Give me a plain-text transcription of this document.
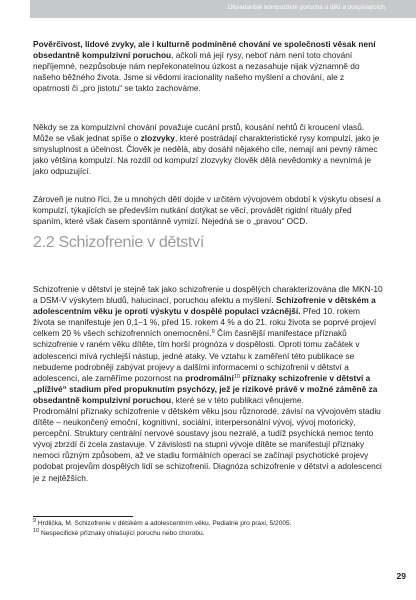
Obsedantně kompulzivní porucha u dětí a dospívajících

Pověrčivost, lidové zvyky, ale i kulturně podmíněné chování ve společnosti věsak není obsedantně kompulzivní poruchou, ačkoli má její rysy, neboť nám není toto chování nepříjemné, nezpůsobuje nám nepřekonatelnou úzkost a nezasahuje nijak významně do našeho běžného života. Jsme si vědomi iracionality našeho myšlení a chování, ale z opatrnosti či „pro jistotu“ se takto zachováme.

Někdy se za kompulzivní chování považuje cucání prstů, kousání nehtů či kroucení vlasů. Může se však jednat spíše o zlozvyky, které postrádají charakteristické rysy kompulzí, jako je smysluplnost a účelnost. Člověk je nedělá, aby dosáhl nějakého cíle, nemají ani pevný rámec jako většina kompulzí. Na rozdíl od kompulzí zlozvyky člověk dělá nevědomky a nevnímá je jako odpuzující.

Zároveň je nutno říci, že u mnohých dětí dojde v určitém vývojovém období k výskytu obsesí a kompulzí, týkajících se především nutkání dotýkat se věcí, provádět rigidní rituály před spaním, které však časem spontánně vymizí. Nejedná se o „pravou“ OCD.

2.2 Schizofrenie v dětství

Schizofrenie v dětství je stejně tak jako schizofrenie u dospělých charakterizována dle MKN-10 a DSM-V výskytem bludů, halucinací, poruchou afektu a myšlení. Schizofrenie v dětském a adolescentním věku je oproti výskytu v dospělé populaci vzácnější. Před 10. rokem života se manifestuje jen 0,1–1 %, před 15. rokem 4 % a do 21. roku života se poprvé projeví celkem 20 % všech schizofrenních onemocnění.$^9$ Čím časnější manifestace příznaků schizofrenie v raném věku dítěte, tím horší prognóza v dospělosti. Oproti tomu začátek v adolescenci mívá rychlejší nástup, jedné ataky. Ve vztahu k zaměření této publikace se nebudeme podrobněji zabývat projevy a dalšími informacemi o schizofrenii v dětství a adolescenci, ale zaměříme pozornost na prodromální$^{10}$ příznaky schizofrenie v dětství a „plíživé“ stadium před propuknutím psychózy, jež je rizikové právě v možné záměně za obsedantně kompulzivní poruchou, které se v této publikaci věnujeme.

Prodromální příznaky schizofrenie v dětském věku jsou různorodé, závisí na vývojovém stadiu dítěte – neukončený emoční, kognitivní, sociální, interpersonální vývoj, vývoj motorický, percepční. Struktury centrální nervové soustavy jsou nezralé, a tudíž psychická nemoc tento vývoj zbrzdí či zcela zastavuje. V závislosti na stupni vývoje dítěte se manifestují příznaky nemoci různým způsobem, až ve stadiu formálních operací se začínají psychotické projevy podobat projevům dospělých lidí se schizofrenií. Diagnóza schizofrenie v dětství a adolescenci je z nejtěžších.

$^9$ Hrdlička, M. Schizofrenie v dětském a adolescentním věku. Pediatrie pro praxi, 5/2005.
$^{10}$ Nespecifické příznaky ohlašující poruchu nebo chorobu.
29
